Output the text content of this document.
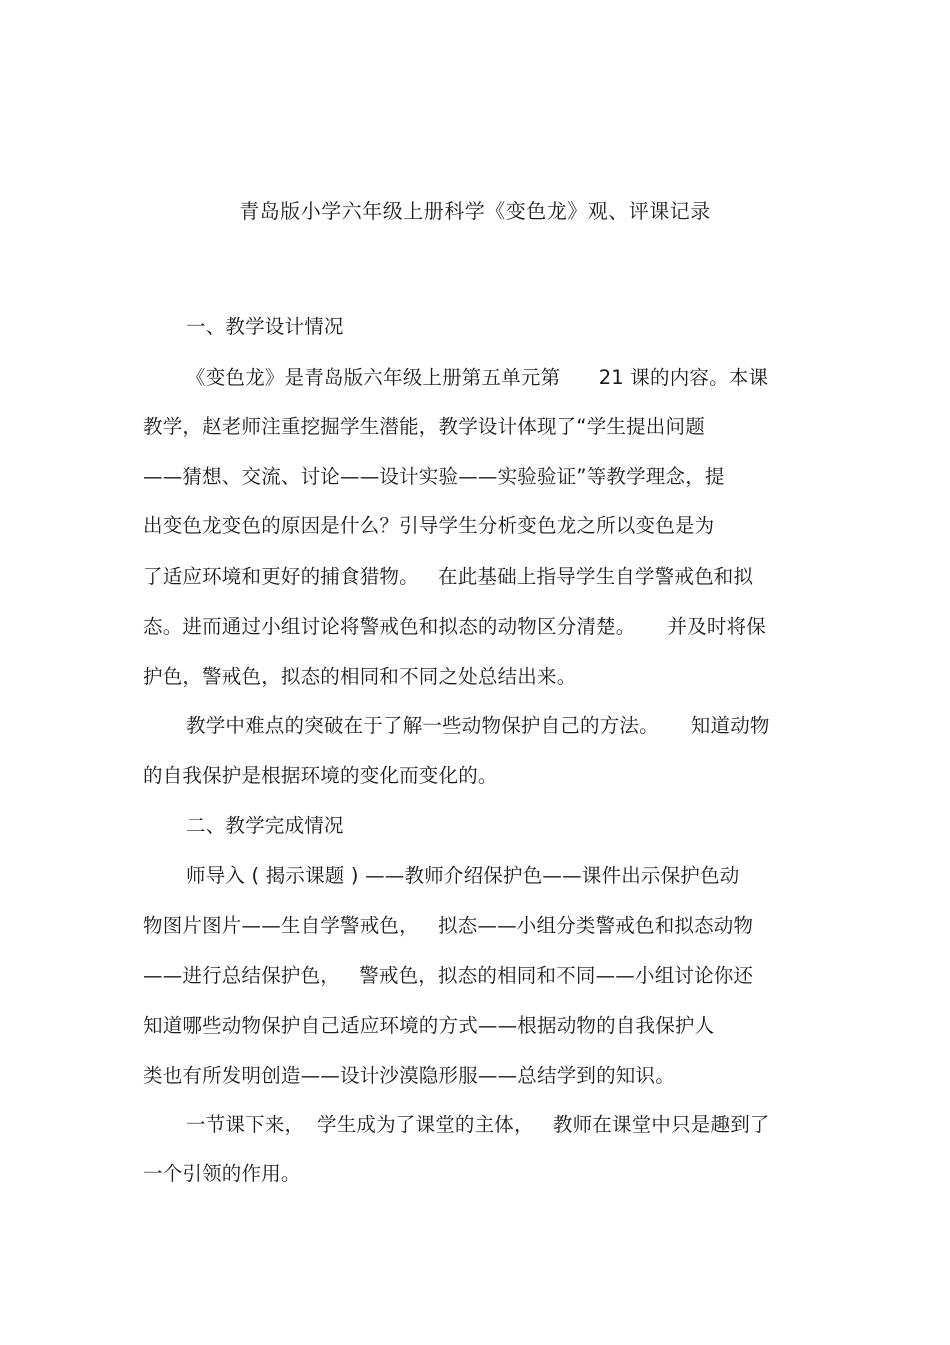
青岛版小学六年级上册科学《变色龙》观、评课记录
一、教学设计情况
《变色龙》是青岛版六年级上册第五单元第      21 课的内容。本课
教学，赵老师注重挖掘学生潜能，教学设计体现了“学生提出问题
——猜想、交流、讨论——设计实验——实验验证”等教学理念，提
出变色龙变色的原因是什么？引导学生分析变色龙之所以变色是为
了适应环境和更好的捕食猎物。   在此基础上指导学生自学警戒色和拟
态。进而通过小组讨论将警戒色和拟态的动物区分清楚。     并及时将保
护色，警戒色，拟态的相同和不同之处总结出来。
教学中难点的突破在于了解一些动物保护自己的方法。     知道动物
的自我保护是根据环境的变化而变化的。
二、教学完成情况
师导入 ( 揭示课题 ) ——教师介绍保护色——课件出示保护色动
物图片图片——生自学警戒色，   拟态——小组分类警戒色和拟态动物
——进行总结保护色，   警戒色，拟态的相同和不同——小组讨论你还
知道哪些动物保护自己适应环境的方式——根据动物的自我保护人
类也有所发明创造——设计沙漠隐形服——总结学到的知识。
一节课下来，  学生成为了课堂的主体，   教师在课堂中只是趣到了
一个引领的作用。
